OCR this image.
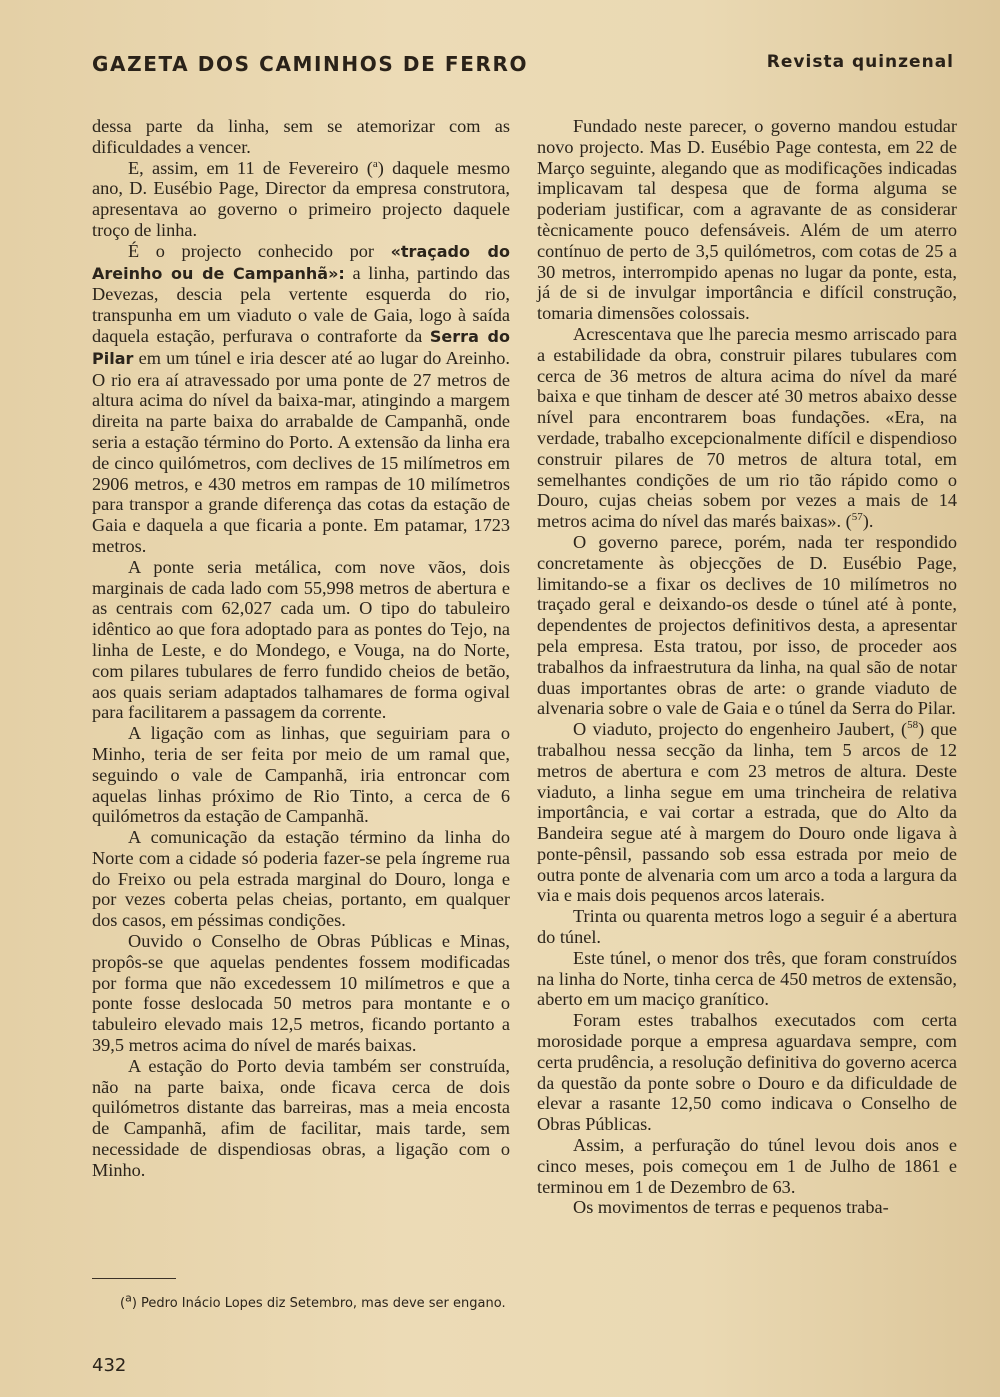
GAZETA DOS CAMINHOS DE FERRO	Revista quinzenal

dessa parte da linha, sem se atemorizar com as dificuldades a vencer.

E, assim, em 11 de Fevereiro ($^a$) daquele mesmo ano, D. Eusébio Page, Director da empresa construtora, apresentava ao governo o primeiro projecto daquele troço de linha.

É o projecto conhecido por «traçado do Areinho ou de Campanhã»: a linha, partindo das Devezas, descia pela vertente esquerda do rio, transpunha em um viaduto o vale de Gaia, logo à saída daquela estação, perfurava o contraforte da Serra do Pilar em um túnel e iria descer até ao lugar do Areinho. O rio era aí atravessado por uma ponte de 27 metros de altura acima do nível da baixa-mar, atingindo a margem direita na parte baixa do arrabalde de Campanhã, onde seria a estação término do Porto. A extensão da linha era de cinco quilómetros, com declives de 15 milímetros em 2906 metros, e 430 metros em rampas de 10 milímetros para transpor a grande diferença das cotas da estação de Gaia e daquela a que ficaria a ponte. Em patamar, 1723 metros.

A ponte seria metálica, com nove vãos, dois marginais de cada lado com 55,998 metros de abertura e as centrais com 62,027 cada um. O tipo do tabuleiro idêntico ao que fora adoptado para as pontes do Tejo, na linha de Leste, e do Mondego, e Vouga, na do Norte, com pilares tubulares de ferro fundido cheios de betão, aos quais seriam adaptados talhamares de forma ogival para facilitarem a passagem da corrente.

A ligação com as linhas, que seguiriam para o Minho, teria de ser feita por meio de um ramal que, seguindo o vale de Campanhã, iria entroncar com aquelas linhas próximo de Rio Tinto, a cerca de 6 quilómetros da estação de Campanhã.

A comunicação da estação término da linha do Norte com a cidade só poderia fazer-se pela íngreme rua do Freixo ou pela estrada marginal do Douro, longa e por vezes coberta pelas cheias, portanto, em qualquer dos casos, em péssimas condições.

Ouvido o Conselho de Obras Públicas e Minas, propôs-se que aquelas pendentes fossem modificadas por forma que não excedessem 10 milímetros e que a ponte fosse deslocada 50 metros para montante e o tabuleiro elevado mais 12,5 metros, ficando portanto a 39,5 metros acima do nível de marés baixas.

A estação do Porto devia também ser construída, não na parte baixa, onde ficava cerca de dois quilómetros distante das barreiras, mas a meia encosta de Campanhã, afim de facilitar, mais tarde, sem necessidade de dispendiosas obras, a ligação com o Minho.

Fundado neste parecer, o governo mandou estudar novo projecto. Mas D. Eusébio Page contesta, em 22 de Março seguinte, alegando que as modificações indicadas implicavam tal despesa que de forma alguma se poderiam justificar, com a agravante de as considerar tècnicamente pouco defensáveis. Além de um aterro contínuo de perto de 3,5 quilómetros, com cotas de 25 a 30 metros, interrompido apenas no lugar da ponte, esta, já de si de invulgar importância e difícil construção, tomaria dimensões colossais.

Acrescentava que lhe parecia mesmo arriscado para a estabilidade da obra, construir pilares tubulares com cerca de 36 metros de altura acima do nível da maré baixa e que tinham de descer até 30 metros abaixo desse nível para encontrarem boas fundações. «Era, na verdade, trabalho excepcionalmente difícil e dispendioso construir pilares de 70 metros de altura total, em semelhantes condições de um rio tão rápido como o Douro, cujas cheias sobem por vezes a mais de 14 metros acima do nível das marés baixas». ($^{57}$).

O governo parece, porém, nada ter respondido concretamente às objecções de D. Eusébio Page, limitando-se a fixar os declives de 10 milímetros no traçado geral e deixando-os desde o túnel até à ponte, dependentes de projectos definitivos desta, a apresentar pela empresa. Esta tratou, por isso, de proceder aos trabalhos da infraestrutura da linha, na qual são de notar duas importantes obras de arte: o grande viaduto de alvenaria sobre o vale de Gaia e o túnel da Serra do Pilar.

O viaduto, projecto do engenheiro Jaubert, ($^{58}$) que trabalhou nessa secção da linha, tem 5 arcos de 12 metros de abertura e com 23 metros de altura. Deste viaduto, a linha segue em uma trincheira de relativa importância, e vai cortar a estrada, que do Alto da Bandeira segue até à margem do Douro onde ligava à ponte-pênsil, passando sob essa estrada por meio de outra ponte de alvenaria com um arco a toda a largura da via e mais dois pequenos arcos laterais.

Trinta ou quarenta metros logo a seguir é a abertura do túnel.

Este túnel, o menor dos três, que foram construídos na linha do Norte, tinha cerca de 450 metros de extensão, aberto em um maciço granítico.

Foram estes trabalhos executados com certa morosidade porque a empresa aguardava sempre, com certa prudência, a resolução definitiva do governo acerca da questão da ponte sobre o Douro e da dificuldade de elevar a rasante 12,50 como indicava o Conselho de Obras Públicas.

Assim, a perfuração do túnel levou dois anos e cinco meses, pois começou em 1 de Julho de 1861 e terminou em 1 de Dezembro de 63.

Os movimentos de terras e pequenos traba-

($^a$) Pedro Inácio Lopes diz Setembro, mas deve ser engano.
432
